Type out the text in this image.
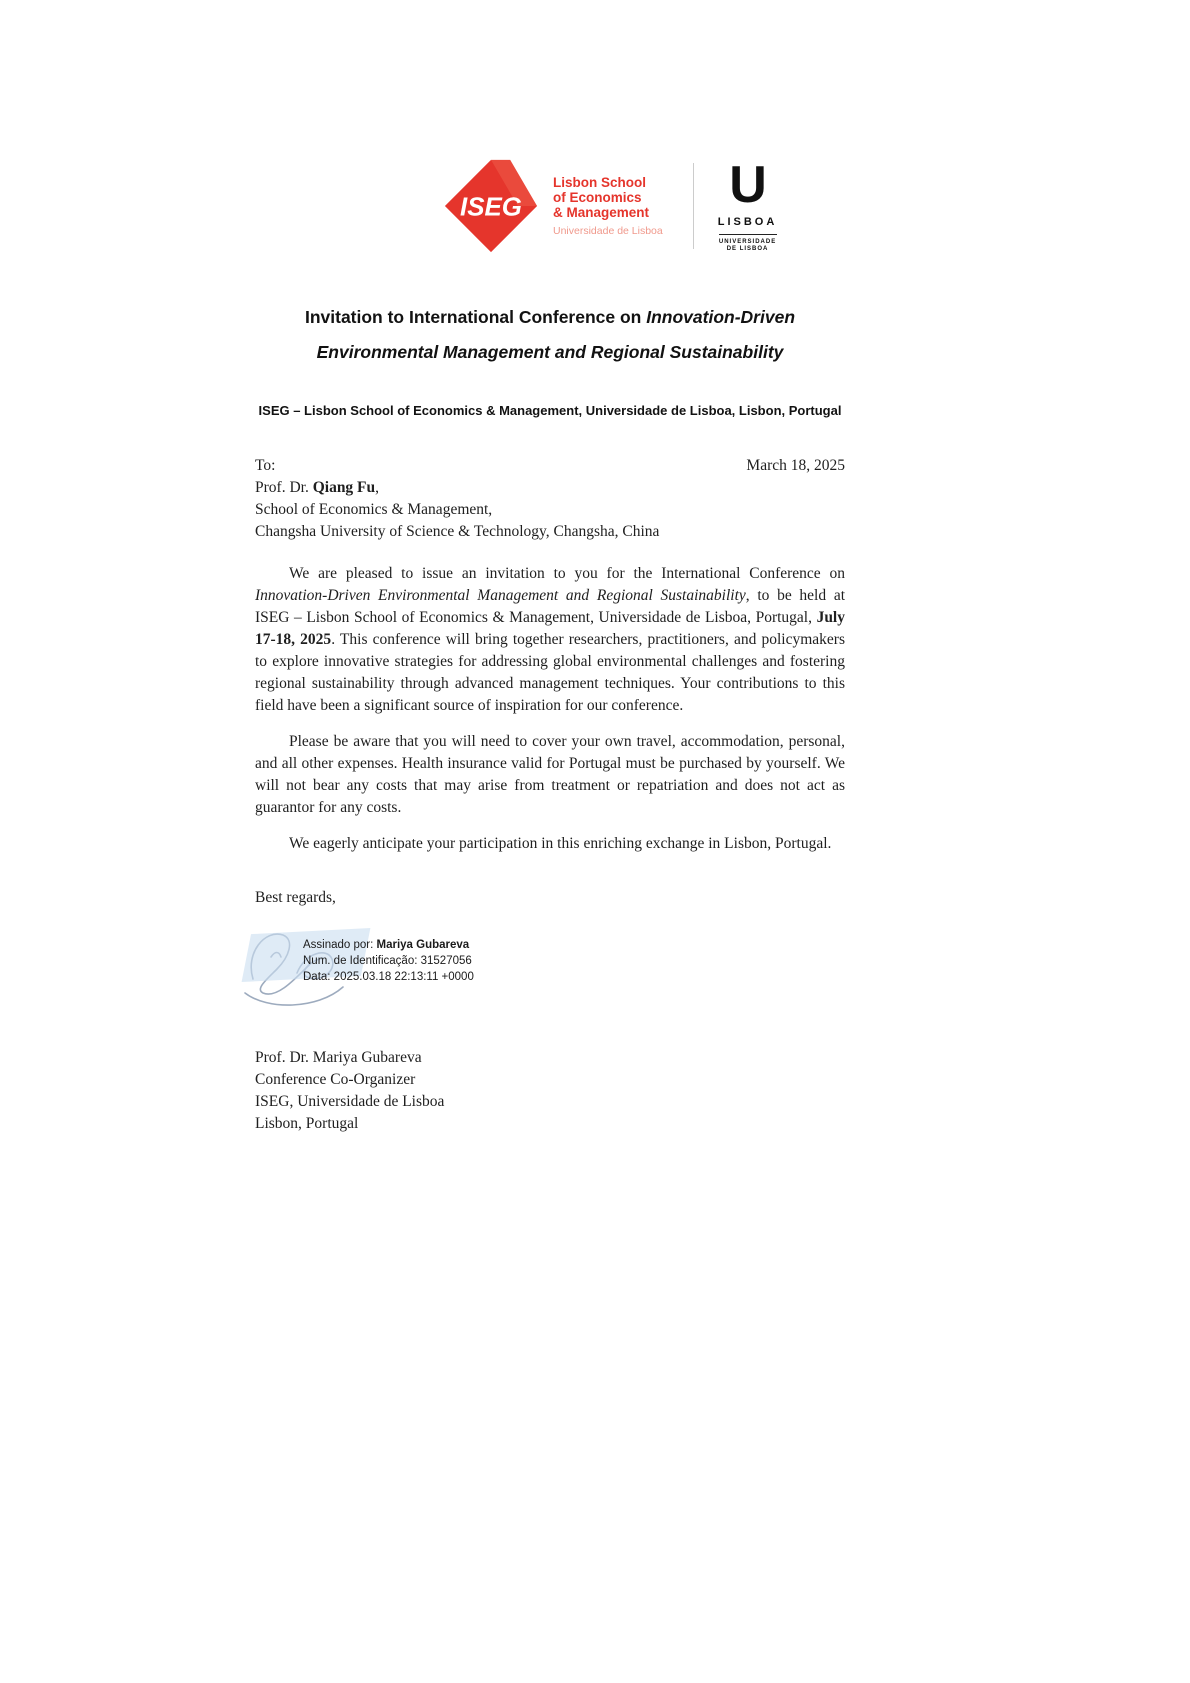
ISEG
Lisbon School
of Economics
& Management
Universidade de Lisboa
U
LISBOA
UNIVERSIDADE
DE LISBOA
Invitation to International Conference on Innovation-Driven
Environmental Management and Regional Sustainability
ISEG – Lisbon School of Economics & Management, Universidade de Lisboa, Lisbon, Portugal
To:	March 18, 2025
Prof. Dr. Qiang Fu,
School of Economics & Management,
Changsha University of Science & Technology, Changsha, China

We are pleased to issue an invitation to you for the International Conference on Innovation-Driven Environmental Management and Regional Sustainability, to be held at ISEG – Lisbon School of Economics & Management, Universidade de Lisboa, Portugal, July 17-18, 2025. This conference will bring together researchers, practitioners, and policymakers to explore innovative strategies for addressing global environmental challenges and fostering regional sustainability through advanced management techniques. Your contributions to this field have been a significant source of inspiration for our conference.

Please be aware that you will need to cover your own travel, accommodation, personal, and all other expenses. Health insurance valid for Portugal must be purchased by yourself. We will not bear any costs that may arise from treatment or repatriation and does not act as guarantor for any costs.

We eagerly anticipate your participation in this enriching exchange in Lisbon, Portugal.

Best regards,
Assinado por: Mariya Gubareva
Num. de Identificação: 31527056
Data: 2025.03.18 22:13:11 +0000
Prof. Dr. Mariya Gubareva
Conference Co-Organizer
ISEG, Universidade de Lisboa
Lisbon, Portugal
